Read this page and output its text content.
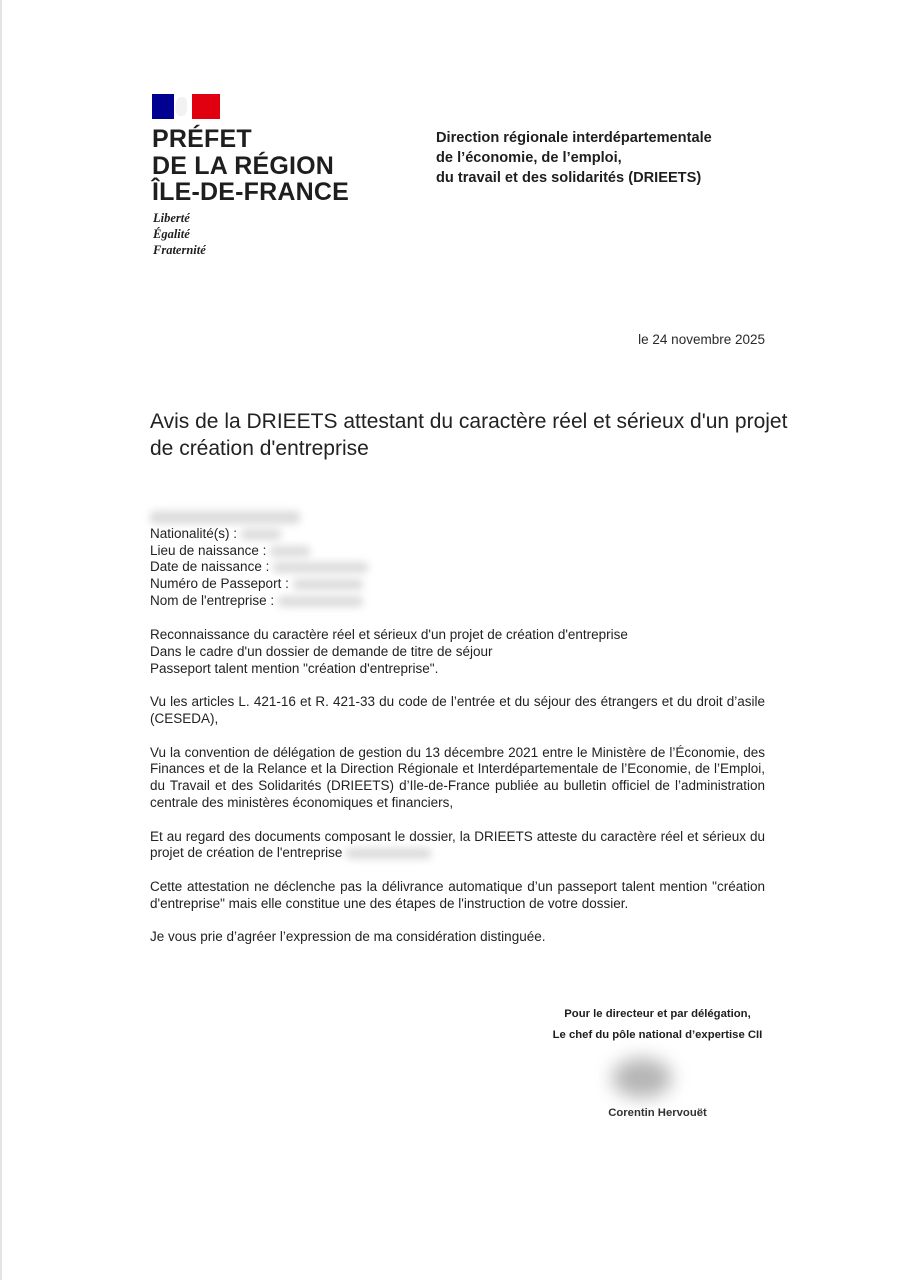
PRÉFET
DE LA RÉGION
ÎLE-DE-FRANCE
Liberté
Égalité
Fraternité
Direction régionale interdépartementale
de l’économie, de l’emploi,
du travail et des solidarités (DRIEETS)
le 24 novembre 2025
Avis de la DRIEETS attestant du caractère réel et sérieux d'un projet de création d'entreprise
Nationalité(s) :
Lieu de naissance :
Date de naissance :
Numéro de Passeport :
Nom de l'entreprise :

Reconnaissance du caractère réel et sérieux d'un projet de création d'entreprise
Dans le cadre d'un dossier de demande de titre de séjour
Passeport talent mention "création d'entreprise".

Vu les articles L. 421-16 et R. 421-33 du code de l’entrée et du séjour des étrangers et du droit d’asile (CESEDA),

Vu la convention de délégation de gestion du 13 décembre 2021 entre le Ministère de l’Économie, des Finances et de la Relance et la Direction Régionale et Interdépartementale de l’Economie, de l’Emploi, du Travail et des Solidarités (DRIEETS) d’Ile-de-France publiée au bulletin officiel de l’administration centrale des ministères économiques et financiers,

Et au regard des documents composant le dossier, la DRIEETS atteste du caractère réel et sérieux du projet de création de l'entreprise

Cette attestation ne déclenche pas la délivrance automatique d’un passeport talent mention "création d'entreprise" mais elle constitue une des étapes de l'instruction de votre dossier.

Je vous prie d’agréer l’expression de ma considération distinguée.

Pour le directeur et par délégation,
Le chef du pôle national d’expertise CII
Corentin Hervouët
